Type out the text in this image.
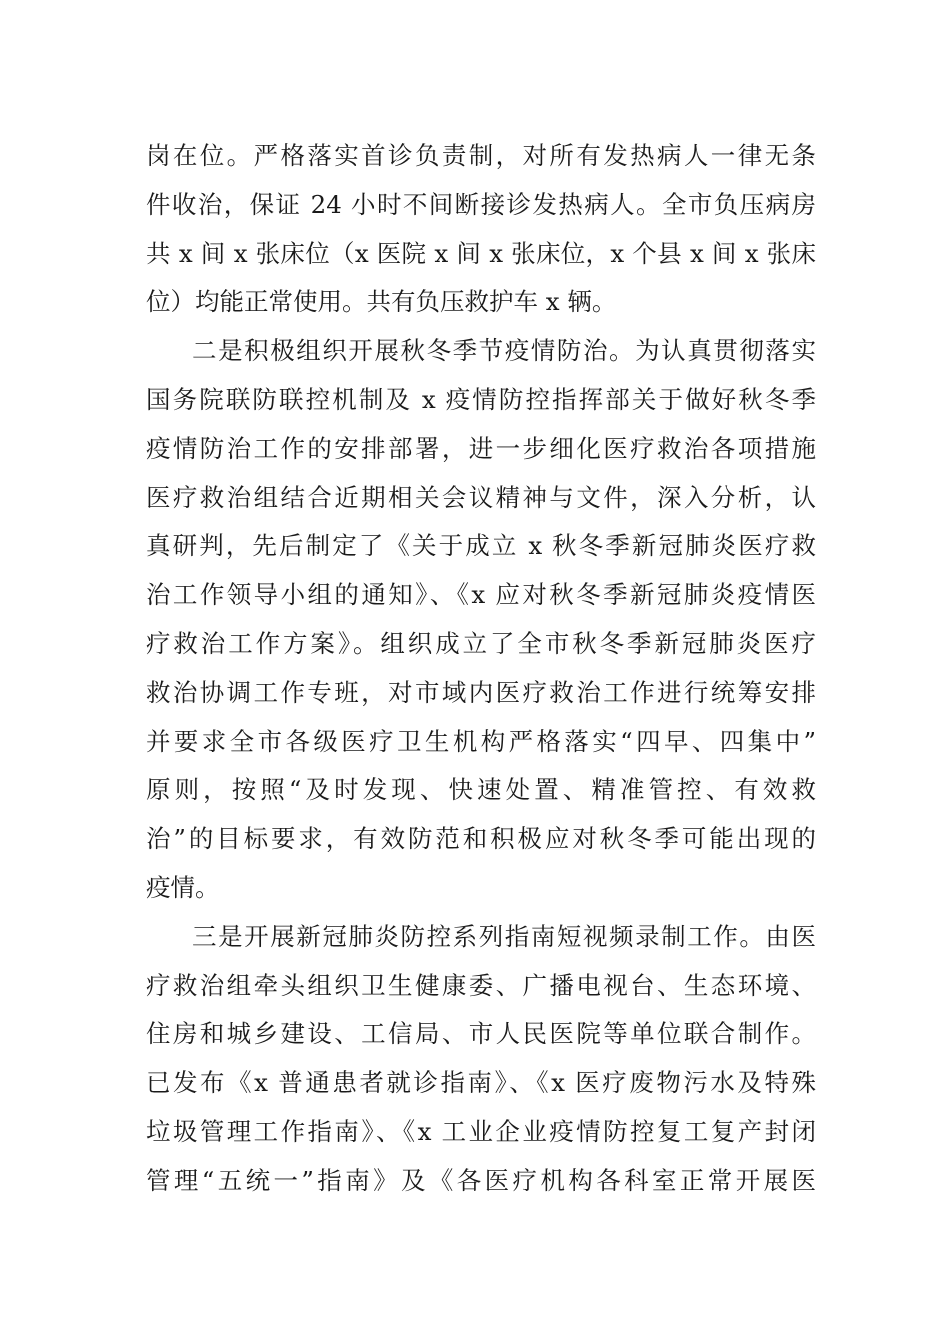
岗在位。严格落实首诊负责制，对所有发热病人一律无条
件收治，保证 24 小时不间断接诊发热病人。全市负压病房
共 x 间 x 张床位（x 医院 x 间 x 张床位，x 个县 x 间 x 张床
位）均能正常使用。共有负压救护车 x 辆。
二是积极组织开展秋冬季节疫情防治。为认真贯彻落实
国务院联防联控机制及 x 疫情防控指挥部关于做好秋冬季
疫情防治工作的安排部署，进一步细化医疗救治各项措施
医疗救治组结合近期相关会议精神与文件，深入分析，认
真研判，先后制定了《关于成立 x 秋冬季新冠肺炎医疗救
治工作领导小组的通知》、《x 应对秋冬季新冠肺炎疫情医
疗救治工作方案》。组织成立了全市秋冬季新冠肺炎医疗
救治协调工作专班，对市域内医疗救治工作进行统筹安排
并要求全市各级医疗卫生机构严格落实“四早、四集中”
原则，按照“及时发现、快速处置、精准管控、有效救
治”的目标要求，有效防范和积极应对秋冬季可能出现的
疫情。
三是开展新冠肺炎防控系列指南短视频录制工作。由医
疗救治组牵头组织卫生健康委、广播电视台、生态环境、
住房和城乡建设、工信局、市人民医院等单位联合制作。
已发布《x 普通患者就诊指南》、《x 医疗废物污水及特殊
垃圾管理工作指南》、《x 工业企业疫情防控复工复产封闭
管理“五统一”指南》及《各医疗机构各科室正常开展医
